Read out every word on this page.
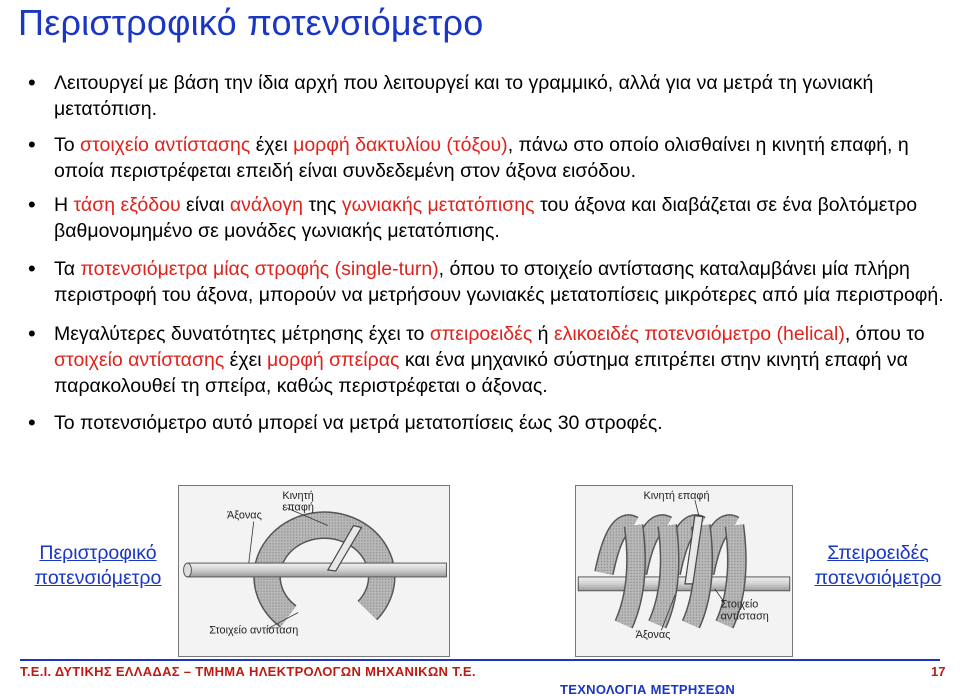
Περιστροφικό ποτενσιόμετρο
• Λειτουργεί με βάση την ίδια αρχή που λειτουργεί και το γραμμικό, αλλά για να μετρά τη γωνιακή μετατόπιση.
• Το στοιχείο αντίστασης έχει μορφή δακτυλίου (τόξου), πάνω στο οποίο ολισθαίνει η κινητή επαφή, η οποία περιστρέφεται επειδή είναι συνδεδεμένη στον άξονα εισόδου.
• Η τάση εξόδου είναι ανάλογη της γωνιακής μετατόπισης του άξονα και διαβάζεται σε ένα βολτόμετρο βαθμονομημένο σε μονάδες γωνιακής μετατόπισης.
• Τα ποτενσιόμετρα μίας στροφής (single-turn), όπου το στοιχείο αντίστασης καταλαμβάνει μία πλήρη περιστροφή του άξονα, μπορούν να μετρήσουν γωνιακές μετατοπίσεις μικρότερες από μία περιστροφή.
• Μεγαλύτερες δυνατότητες μέτρησης έχει το σπειροειδές ή ελικοειδές ποτενσιόμετρο (helical), όπου το στοιχείο αντίστασης έχει μορφή σπείρας και ένα μηχανικό σύστημα επιτρέπει στην κινητή επαφή να παρακολουθεί τη σπείρα, καθώς περιστρέφεται ο άξονας.
• Το ποτενσιόμετρο αυτό μπορεί να μετρά μετατοπίσεις έως 30 στροφές.
Περιστροφικό ποτενσιόμετρο
Σπειροειδές ποτενσιόμετρο
Κινητή
επαφή
Άξονας
Στοιχείο αντίσταση
Κινητή επαφή
Στοιχείο
αντίσταση
Άξονας
Τ.Ε.Ι. ΔΥΤΙΚΗΣ ΕΛΛΑΔΑΣ – ΤΜΗΜΑ ΗΛΕΚΤΡΟΛΟΓΩΝ ΜΗΧΑΝΙΚΩΝ Τ.Ε.
ΤΕΧΝΟΛΟΓΙΑ ΜΕΤΡΗΣΕΩΝ
17
